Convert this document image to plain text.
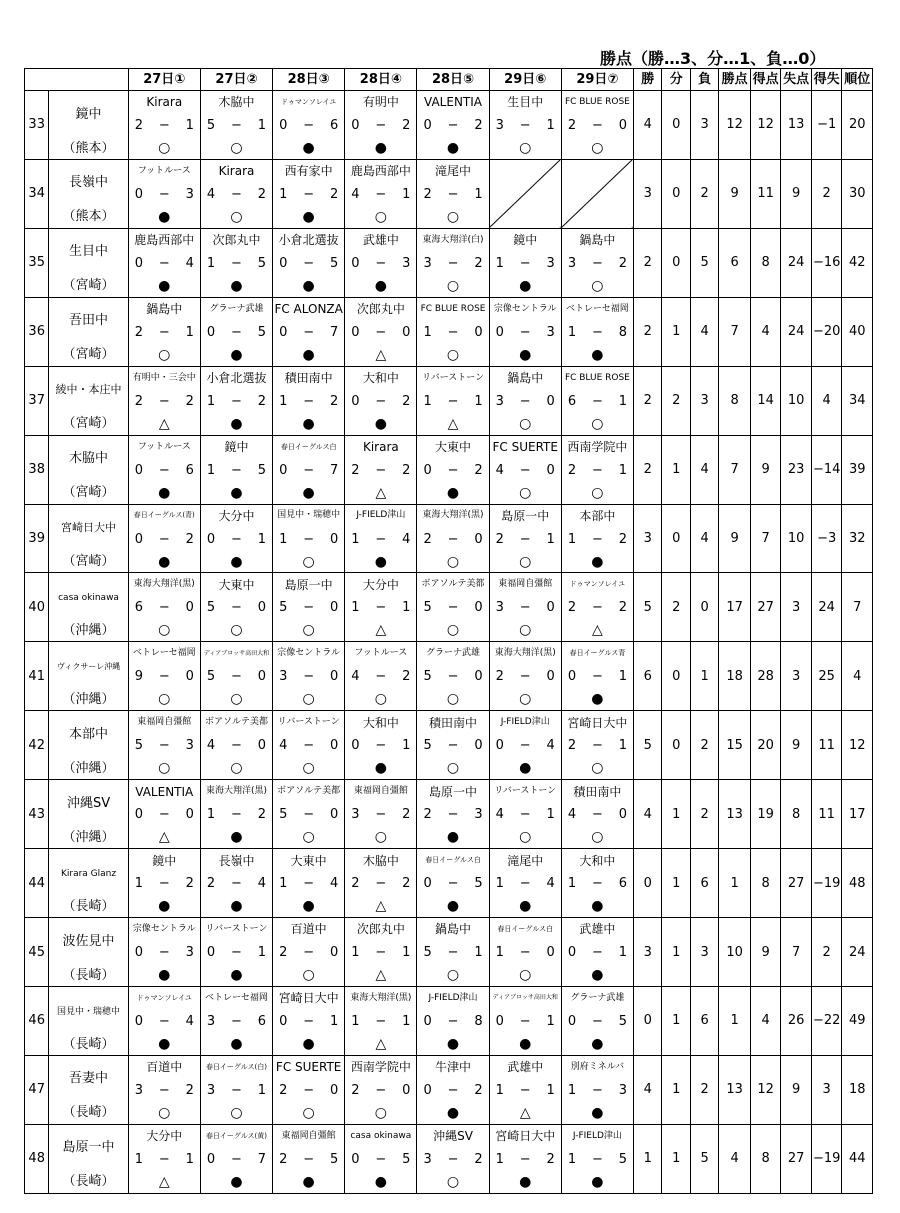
勝点（勝…3、分…1、負…0）
		27日①	27日②	28日③	28日④	28日⑤	29日⑥	29日⑦	勝	分	負	勝点	得点	失点	得失	順位
33	鏡中	Kirara	木脇中	ドゥマンソレイユ	有明中	VALENTIA	生目中	FC BLUE ROSE	4	0	3	12	12	13	−1	20

		2 − 1	5 − 1	0 − 6	0 − 2	0 − 2	3 − 1	2 − 0								

	（熊本）	○	○	●	●	●	○	○								
34	長嶺中	フットルース	Kirara	西有家中	鹿島西部中	滝尾中			3	0	2	9	11	9	2	30

		0 − 3	4 − 2	1 − 2	4 − 1	2 − 1										

	（熊本）	●	○	●	○	○										
35	生目中	鹿島西部中	次郎丸中	小倉北選抜	武雄中	東海大翔洋(白)	鏡中	鍋島中	2	0	5	6	8	24	−16	42

		0 − 4	1 − 5	0 − 5	0 − 3	3 − 2	1 − 3	3 − 2								

	（宮崎）	●	●	●	●	○	●	○								
36	吾田中	鍋島中	グラーナ武雄	FC ALONZA	次郎丸中	FC BLUE ROSE	宗像セントラル	ベトレーセ福岡	2	1	4	7	4	24	−20	40

		2 − 1	0 − 5	0 − 7	0 − 0	1 − 0	0 − 3	1 − 8								

	（宮崎）	○	●	●	△	○	●	●								
37	綾中・本庄中	有明中・三会中	小倉北選抜	積田南中	大和中	リバーストーン	鍋島中	FC BLUE ROSE	2	2	3	8	14	10	4	34

		2 − 2	1 − 2	1 − 2	0 − 2	1 − 1	3 − 0	6 − 1								

	（宮崎）	△	●	●	●	△	○	○								
38	木脇中	フットルース	鏡中	春日イーグルス白	Kirara	大東中	FC SUERTE	西南学院中	2	1	4	7	9	23	−14	39

		0 − 6	1 − 5	0 − 7	2 − 2	0 − 2	4 − 0	2 − 1								

	（宮崎）	●	●	●	△	●	○	○								
39	宮崎日大中	春日イーグルス(青)	大分中	国見中・瑞穂中	J-FIELD津山	東海大翔洋(黒)	島原一中	本部中	3	0	4	9	7	10	−3	32

		0 − 2	0 − 1	1 − 0	1 − 4	2 − 0	2 − 1	1 − 2								

	（宮崎）	●	●	○	●	○	○	●								
40	casa okinawa	東海大翔洋(黒)	大東中	島原一中	大分中	ボアソルテ美都	東福岡自彊館	ドゥマンソレイユ	5	2	0	17	27	3	24	7

		6 − 0	5 − 0	5 − 0	1 − 1	5 − 0	3 − 0	2 − 2								

	（沖縄）	○	○	○	△	○	○	△								
41	ヴィクサーレ沖縄	ベトレーセ福岡	ディアブロッサ高田大和	宗像セントラル	フットルース	グラーナ武雄	東海大翔洋(黒)	春日イーグルス青	6	0	1	18	28	3	25	4

		9 − 0	5 − 0	3 − 0	4 − 2	5 − 0	2 − 0	0 − 1								

	（沖縄）	○	○	○	○	○	○	●								
42	本部中	東福岡自彊館	ボアソルテ美都	リバーストーン	大和中	積田南中	J-FIELD津山	宮崎日大中	5	0	2	15	20	9	11	12

		5 − 3	4 − 0	4 − 0	0 − 1	5 − 0	0 − 4	2 − 1								

	（沖縄）	○	○	○	●	○	●	○								
43	沖縄SV	VALENTIA	東海大翔洋(黒)	ボアソルテ美都	東福岡自彊館	島原一中	リバーストーン	積田南中	4	1	2	13	19	8	11	17

		0 − 0	1 − 2	5 − 0	3 − 2	2 − 3	4 − 1	4 − 0								

	（沖縄）	△	●	○	○	●	○	○								
44	Kirara Glanz	鏡中	長嶺中	大東中	木脇中	春日イーグルス白	滝尾中	大和中	0	1	6	1	8	27	−19	48

		1 − 2	2 − 4	1 − 4	2 − 2	0 − 5	1 − 4	1 − 6								

	（長崎）	●	●	●	△	●	●	●								
45	波佐見中	宗像セントラル	リバーストーン	百道中	次郎丸中	鍋島中	春日イーグルス白	武雄中	3	1	3	10	9	7	2	24

		0 − 3	0 − 1	2 − 0	1 − 1	5 − 1	1 − 0	0 − 1								

	（長崎）	●	●	○	△	○	○	●								
46	国見中・瑞穂中	ドゥマンソレイユ	ベトレーセ福岡	宮崎日大中	東海大翔洋(黒)	J-FIELD津山	ディアブロッサ高田大和	グラーナ武雄	0	1	6	1	4	26	−22	49

		0 − 4	3 − 6	0 − 1	1 − 1	0 − 8	0 − 1	0 − 5								

	（長崎）	●	●	●	△	●	●	●								
47	吾妻中	百道中	春日イーグルス(白)	FC SUERTE	西南学院中	牛津中	武雄中	別府ミネルバ	4	1	2	13	12	9	3	18

		3 − 2	3 − 1	2 − 0	2 − 0	0 − 2	1 − 1	1 − 3								

	（長崎）	○	○	○	○	●	△	●								
48	島原一中	大分中	春日イーグルス(黄)	東福岡自彊館	casa okinawa	沖縄SV	宮崎日大中	J-FIELD津山	1	1	5	4	8	27	−19	44

		1 − 1	0 − 7	2 − 5	0 − 5	3 − 2	1 − 2	1 − 5								

	（長崎）	△	●	●	●	○	●	●								
